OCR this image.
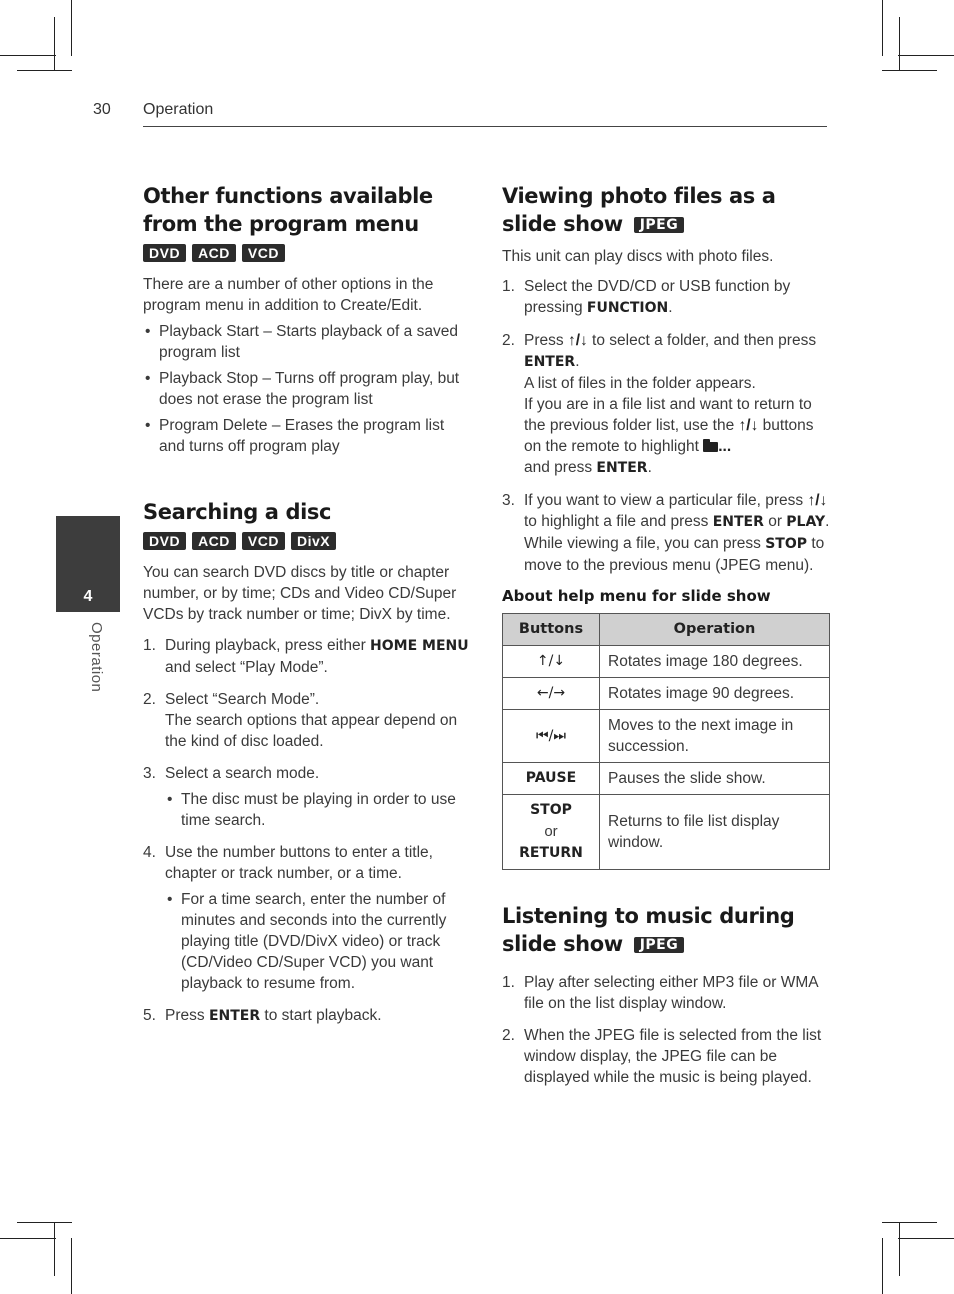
30 Operation
4
Operation
Other functions available from the program menu
DVD	ACD	VCD

There are a number of other options in the program menu in addition to Create/Edit.

• Playback Start – Starts playback of a saved program list
• Playback Stop – Turns off program play, but does not erase the program list
• Program Delete – Erases the program list and turns off program play
Searching a disc
DVD	ACD	VCD	DivX

You can search DVD discs by title or chapter number, or by time; CDs and Video CD/Super VCDs by track number or time; DivX by time.

1. During playback, press either HOME MENU and select “Play Mode”.
2. Select “Search Mode”.
The search options that appear depend on the kind of disc loaded.
3. Select a search mode.
• The disc must be playing in order to use time search.
4. Use the number buttons to enter a title, chapter or track number, or a time.
• For a time search, enter the number of minutes and seconds into the currently playing title (DVD/DivX video) or track (CD/Video CD/Super VCD) you want playback to resume from.
5. Press ENTER to start playback.
Viewing photo files as a slide show JPEG

This unit can play discs with photo files.

1. Select the DVD/CD or USB function by pressing FUNCTION.
2. Press ↑/↓ to select a folder, and then press ENTER.
A list of files in the folder appears.
If you are in a file list and want to return to the previous folder list, use the ↑/↓ buttons on the remote to highlight ...
and press ENTER.
3. If you want to view a particular file, press ↑/↓ to highlight a file and press ENTER or PLAY. While viewing a file, you can press STOP to move to the previous menu (JPEG menu).
About help menu for slide show
Buttons	Operation
↑/↓	Rotates image 180 degrees.
←/→	Rotates image 90 degrees.
⏮/⏭	Moves to the next image in succession.
PAUSE	Pauses the slide show.
STOP
or
RETURN	Returns to file list display window.
Listening to music during slide show JPEG
1. Play after selecting either MP3 file or WMA file on the list display window.
2. When the JPEG file is selected from the list window display, the JPEG file can be displayed while the music is being played.
